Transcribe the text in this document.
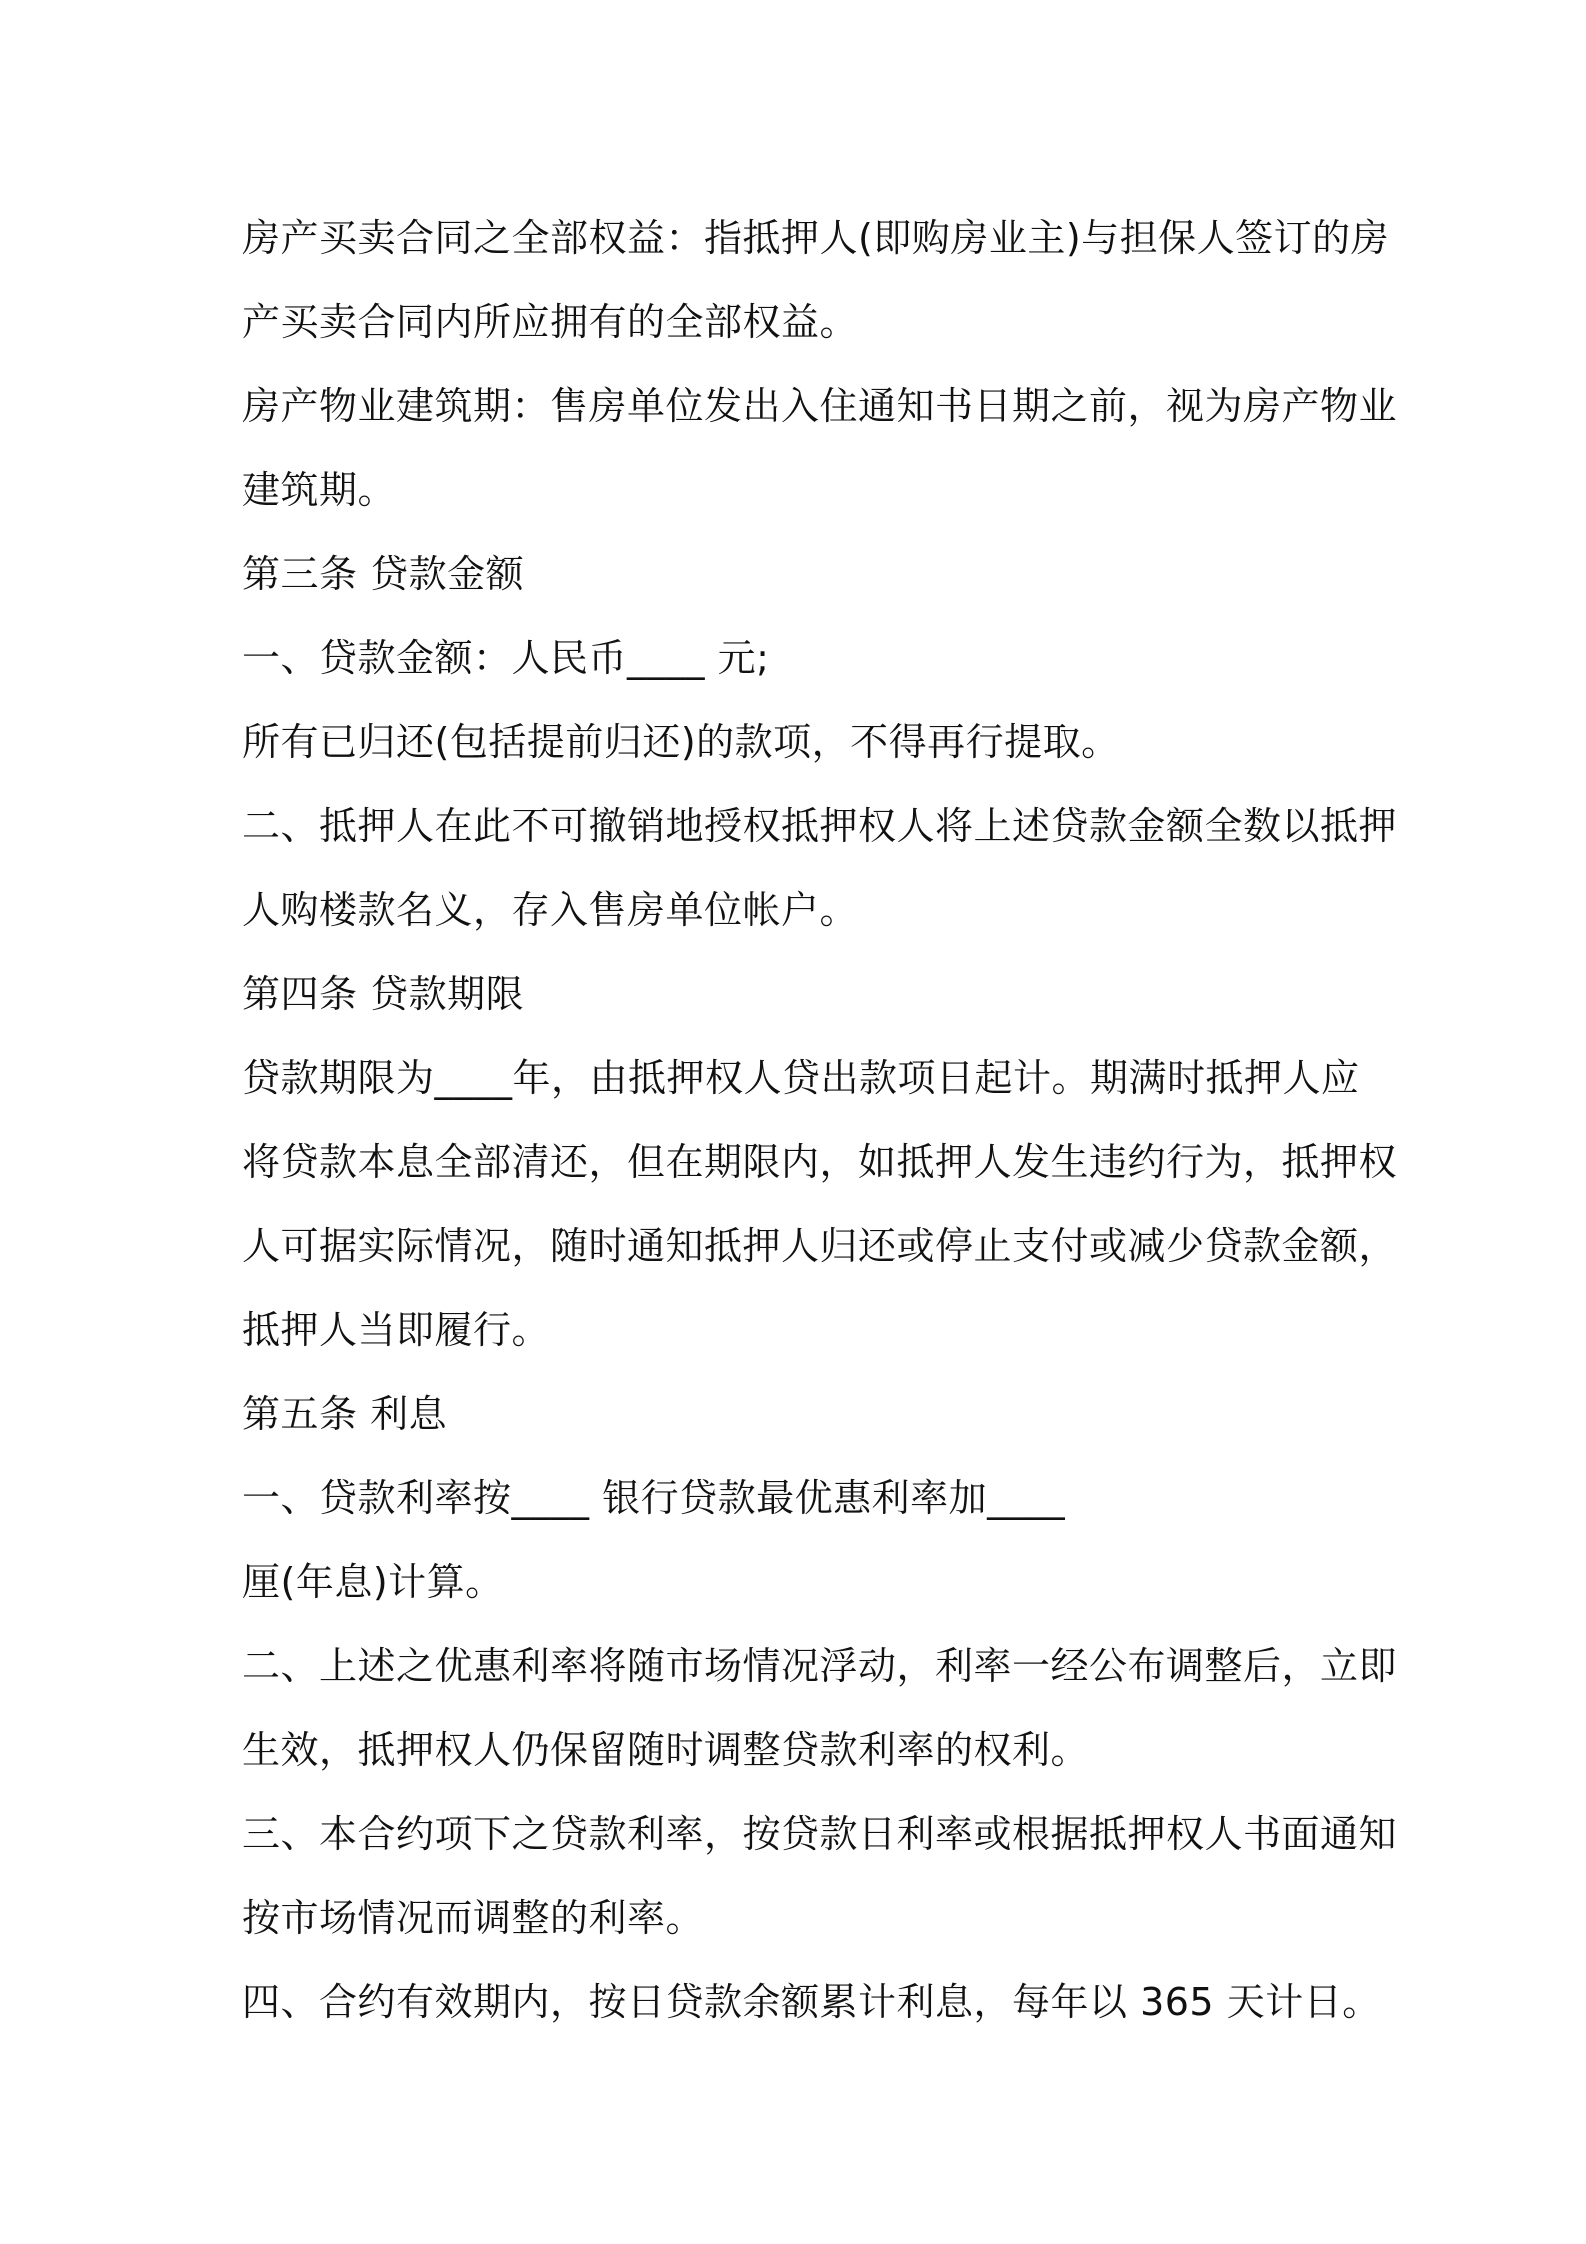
房产买卖合同之全部权益：指抵押人(即购房业主)与担保人签订的房
产买卖合同内所应拥有的全部权益。
房产物业建筑期：售房单位发出入住通知书日期之前，视为房产物业
建筑期。
第三条 贷款金额
一、贷款金额：人民币____ 元;
所有已归还(包括提前归还)的款项，不得再行提取。
二、抵押人在此不可撤销地授权抵押权人将上述贷款金额全数以抵押
人购楼款名义，存入售房单位帐户。
第四条 贷款期限
贷款期限为____年，由抵押权人贷出款项日起计。期满时抵押人应
将贷款本息全部清还，但在期限内，如抵押人发生违约行为，抵押权
人可据实际情况，随时通知抵押人归还或停止支付或减少贷款金额，
抵押人当即履行。
第五条 利息
一、贷款利率按____ 银行贷款最优惠利率加____
厘(年息)计算。
二、上述之优惠利率将随市场情况浮动，利率一经公布调整后，立即
生效，抵押权人仍保留随时调整贷款利率的权利。
三、本合约项下之贷款利率，按贷款日利率或根据抵押权人书面通知
按市场情况而调整的利率。
四、合约有效期内，按日贷款余额累计利息，每年以 365 天计日。
